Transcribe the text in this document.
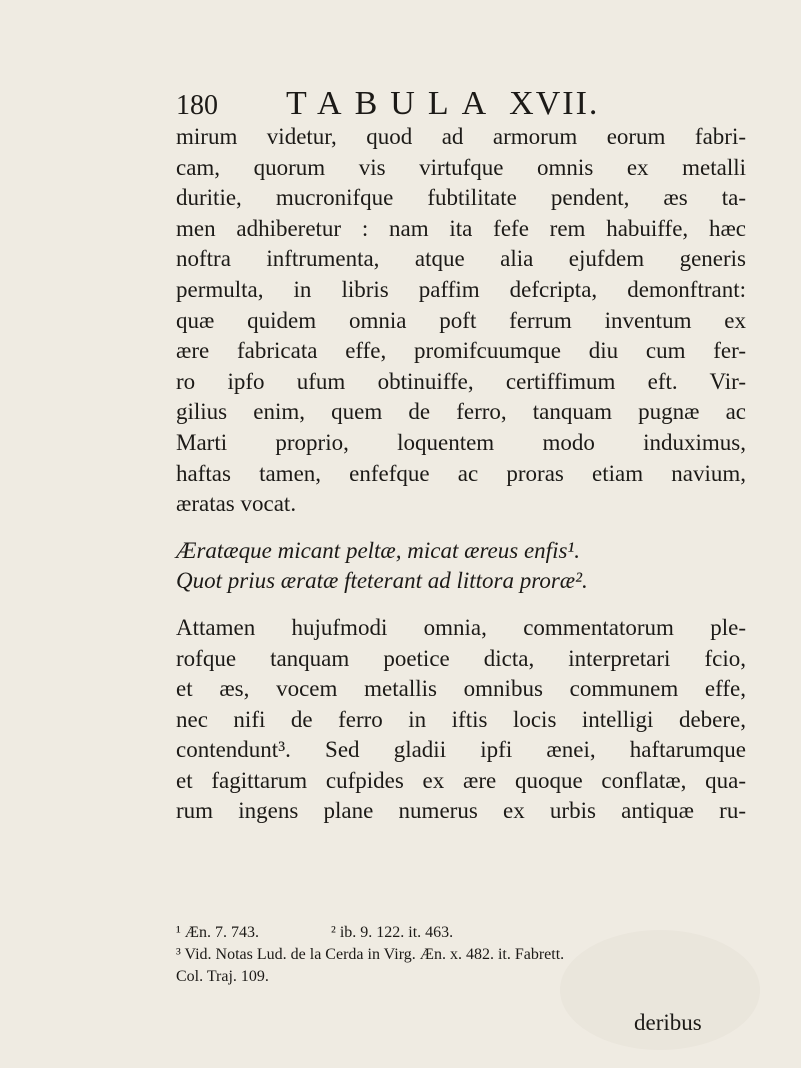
180 TABULA XVII.
mirum videtur, quod ad armorum eorum fabri-
cam, quorum vis virtufque omnis ex metalli
duritie, mucronifque fubtilitate pendent, æs ta-
men adhiberetur : nam ita fefe rem habuiffe, hæc
noftra inftrumenta, atque alia ejufdem generis
permulta, in libris paffim defcripta, demonftrant:
quæ quidem omnia poft ferrum inventum ex
ære fabricata effe, promifcuumque diu cum fer-
ro ipfo ufum obtinuiffe, certiffimum eft. Vir-
gilius enim, quem de ferro, tanquam pugnæ ac
Marti proprio, loquentem modo induximus,
haftas tamen, enfefque ac proras etiam navium,
æratas vocat.
Æratæque micant peltæ, micat æreus enfis¹.
Quot prius æratæ fteterant ad littora proræ².
Attamen hujufmodi omnia, commentatorum ple-
rofque tanquam poetice dicta, interpretari fcio,
et æs, vocem metallis omnibus communem effe,
nec nifi de ferro in iftis locis intelligi debere,
contendunt³. Sed gladii ipfi ænei, haftarumque
et fagittarum cufpides ex ære quoque conflatæ, qua-
rum ingens plane numerus ex urbis antiquæ ru-
¹ Æn. 7. 743.                  ² ib. 9. 122. it. 463.
³ Vid. Notas Lud. de la Cerda in Virg. Æn. x. 482. it. Fabrett.
Col. Traj. 109.
deribus
